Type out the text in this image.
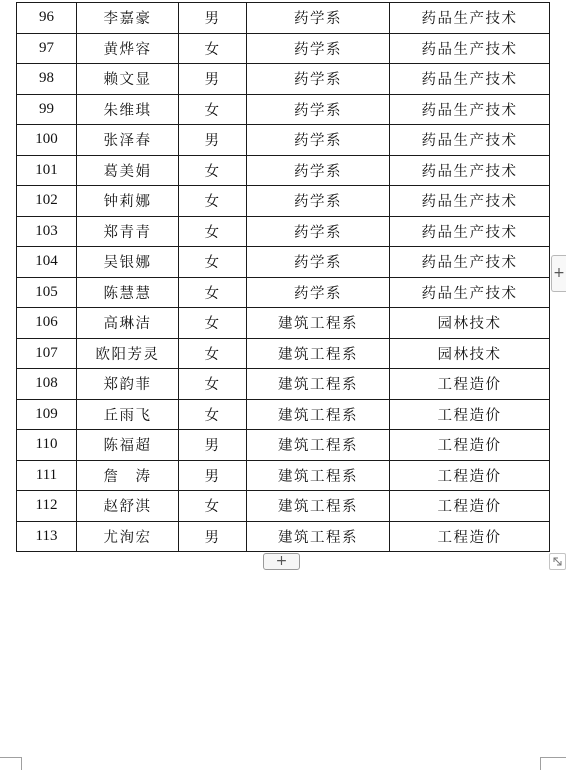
96	李嘉豪	男	药学系	药品生产技术
97	黄烨容	女	药学系	药品生产技术
98	赖文显	男	药学系	药品生产技术
99	朱维琪	女	药学系	药品生产技术
100	张泽春	男	药学系	药品生产技术
101	葛美娟	女	药学系	药品生产技术
102	钟莉娜	女	药学系	药品生产技术
103	郑青青	女	药学系	药品生产技术
104	吴银娜	女	药学系	药品生产技术
105	陈慧慧	女	药学系	药品生产技术
106	高琳洁	女	建筑工程系	园林技术
107	欧阳芳灵	女	建筑工程系	园林技术
108	郑韵菲	女	建筑工程系	工程造价
109	丘雨飞	女	建筑工程系	工程造价
110	陈福超	男	建筑工程系	工程造价
111	詹　涛	男	建筑工程系	工程造价
112	赵舒淇	女	建筑工程系	工程造价
113	尤洵宏	男	建筑工程系	工程造价
+
+
